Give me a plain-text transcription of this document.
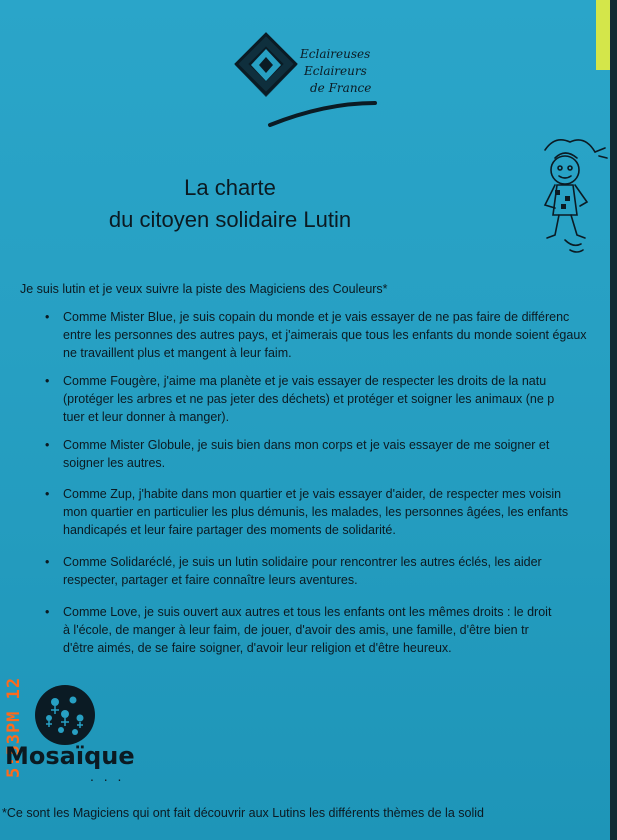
Eclaireuses
Eclaireurs
de France
La charte
du citoyen solidaire Lutin
Je suis lutin et je veux suivre la piste des Magiciens des Couleurs*
•	Comme Mister Blue, je suis copain du monde et je vais essayer de ne pas faire de différenc
entre les personnes des autres pays, et j'aimerais que tous les enfants du monde soient égaux
ne travaillent plus et mangent à leur faim.
•	Comme Fougère, j'aime ma planète et je vais essayer de respecter les droits de la natu
(protéger les arbres et ne pas jeter des déchets) et protéger et soigner les animaux (ne p
tuer et leur donner à manger).
•	Comme Mister Globule, je suis bien dans mon corps et je vais essayer de me soigner et
soigner les autres.
•	Comme Zup, j'habite dans mon quartier et je vais essayer d'aider, de respecter mes voisin
mon quartier en particulier les plus démunis, les malades, les personnes âgées, les enfants
handicapés et leur faire partager des moments de solidarité.
•	Comme Solidaréclé, je suis un lutin solidaire pour rencontrer les autres éclés, les aider
respecter, partager et faire connaître leurs aventures.
•	Comme Love, je suis ouvert aux autres et tous les enfants ont les mêmes droits : le droit
à l'école, de manger à leur faim, de jouer, d'avoir des amis, une famille, d'être bien tr
d'être aimés, de se faire soigner, d'avoir leur religion et d'être heureux.
5:53PM 12
Mosaïque
. . .
*Ce sont les Magiciens qui ont fait découvrir aux Lutins les différents thèmes de la solid
